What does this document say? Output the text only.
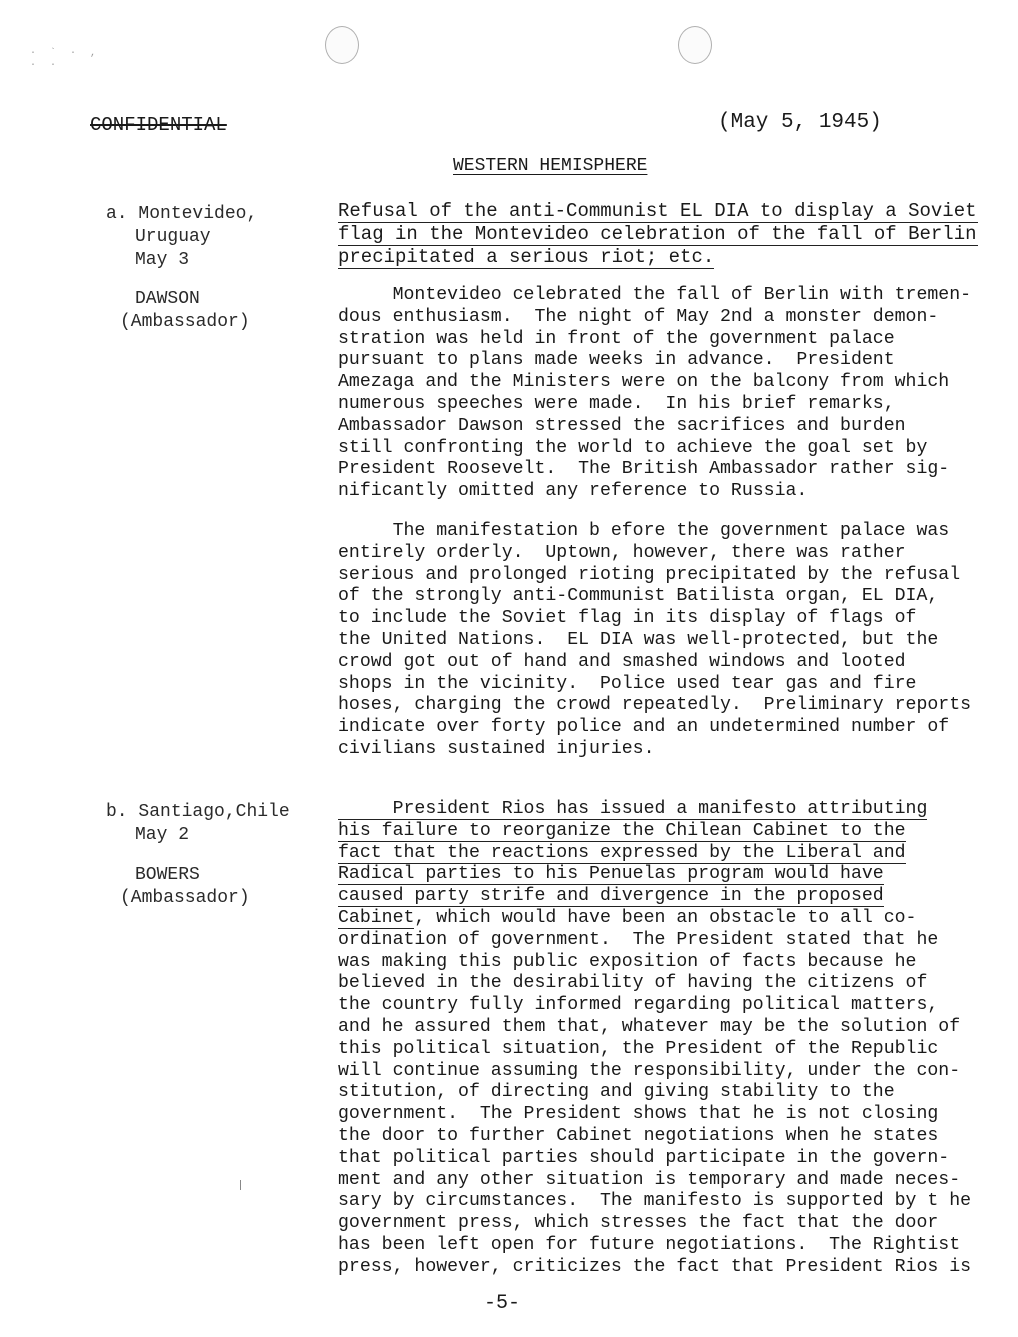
· ` · ,
· ·
CONFIDENTIAL	(May 5, 1945)
WESTERN HEMISPHERE
a. Montevideo,
Uruguay
May 3
DAWSON
(Ambassador)
Refusal of the anti-Communist EL DIA to display a Soviet
flag in the Montevideo celebration of the fall of Berlin
precipitated a serious riot; etc.

Montevideo celebrated the fall of Berlin with tremen-
dous enthusiasm.  The night of May 2nd a monster demon-
stration was held in front of the government palace
pursuant to plans made weeks in advance.  President
Amezaga and the Ministers were on the balcony from which
numerous speeches were made.  In his brief remarks,
Ambassador Dawson stressed the sacrifices and burden
still confronting the world to achieve the goal set by
President Roosevelt.  The British Ambassador rather sig-
nificantly omitted any reference to Russia.

The manifestation b efore the government palace was
entirely orderly.  Uptown, however, there was rather
serious and prolonged rioting precipitated by the refusal
of the strongly anti-Communist Batilista organ, EL DIA,
to include the Soviet flag in its display of flags of
the United Nations.  EL DIA was well-protected, but the
crowd got out of hand and smashed windows and looted
shops in the vicinity.  Police used tear gas and fire
hoses, charging the crowd repeatedly.  Preliminary reports
indicate over forty police and an undetermined number of
civilians sustained injuries.

b. Santiago,Chile
May 2
BOWERS
(Ambassador)
President Rios has issued a manifesto attributing
his failure to reorganize the Chilean Cabinet to the
fact that the reactions expressed by the Liberal and
Radical parties to his Penuelas program would have
caused party strife and divergence in the proposed
Cabinet, which would have been an obstacle to all co-
ordination of government.  The President stated that he
was making this public exposition of facts because he
believed in the desirability of having the citizens of
the country fully informed regarding political matters,
and he assured them that, whatever may be the solution of
this political situation, the President of the Republic
will continue assuming the responsibility, under the con-
stitution, of directing and giving stability to the
government.  The President shows that he is not closing
the door to further Cabinet negotiations when he states
that political parties should participate in the govern-
ment and any other situation is temporary and made neces-
sary by circumstances.  The manifesto is supported by t he
government press, which stresses the fact that the door
has been left open for future negotiations.  The Rightist
press, however, criticizes the fact that President Rios is
-5-
